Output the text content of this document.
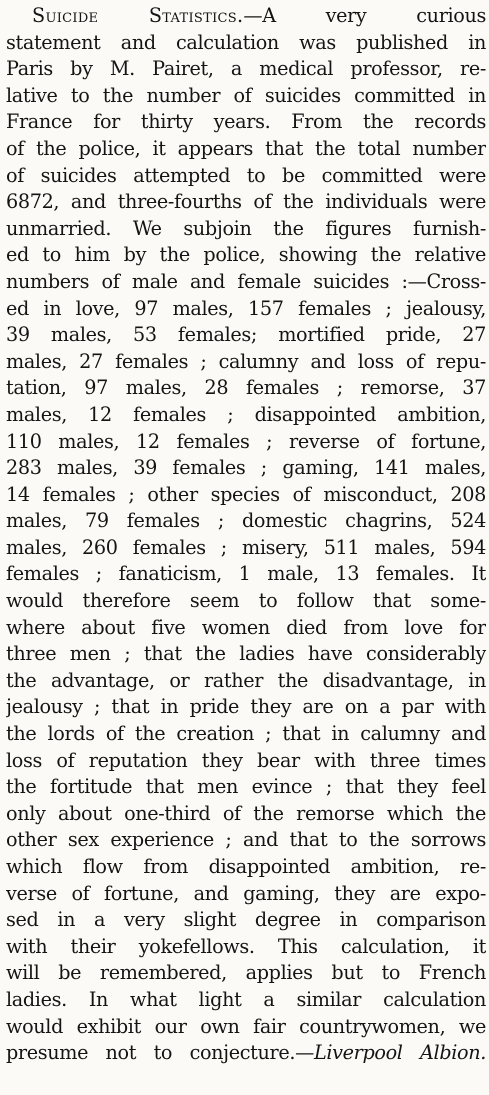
Suicide Statistics.—A very curious
statement and calculation was published in
Paris by M. Pairet, a medical professor, re-
lative to the number of suicides committed in
France for thirty years. From the records
of the police, it appears that the total number
of suicides attempted to be committed were
6872, and three-fourths of the individuals were
unmarried. We subjoin the figures furnish-
ed to him by the police, showing the relative
numbers of male and female suicides :—Cross-
ed in love, 97 males, 157 females ; jealousy,
39 males, 53 females; mortified pride, 27
males, 27 females ; calumny and loss of repu-
tation, 97 males, 28 females ; remorse, 37
males, 12 females ; disappointed ambition,
110 males, 12 females ; reverse of fortune,
283 males, 39 females ; gaming, 141 males,
14 females ; other species of misconduct, 208
males, 79 females ; domestic chagrins, 524
males, 260 females ; misery, 511 males, 594
females ; fanaticism, 1 male, 13 females. It
would therefore seem to follow that some-
where about five women died from love for
three men ; that the ladies have considerably
the advantage, or rather the disadvantage, in
jealousy ; that in pride they are on a par with
the lords of the creation ; that in calumny and
loss of reputation they bear with three times
the fortitude that men evince ; that they feel
only about one-third of the remorse which the
other sex experience ; and that to the sorrows
which flow from disappointed ambition, re-
verse of fortune, and gaming, they are expo-
sed in a very slight degree in comparison
with their yokefellows. This calculation, it
will be remembered, applies but to French
ladies. In what light a similar calculation
would exhibit our own fair countrywomen, we
presume not to conjecture.—Liverpool Albion.
